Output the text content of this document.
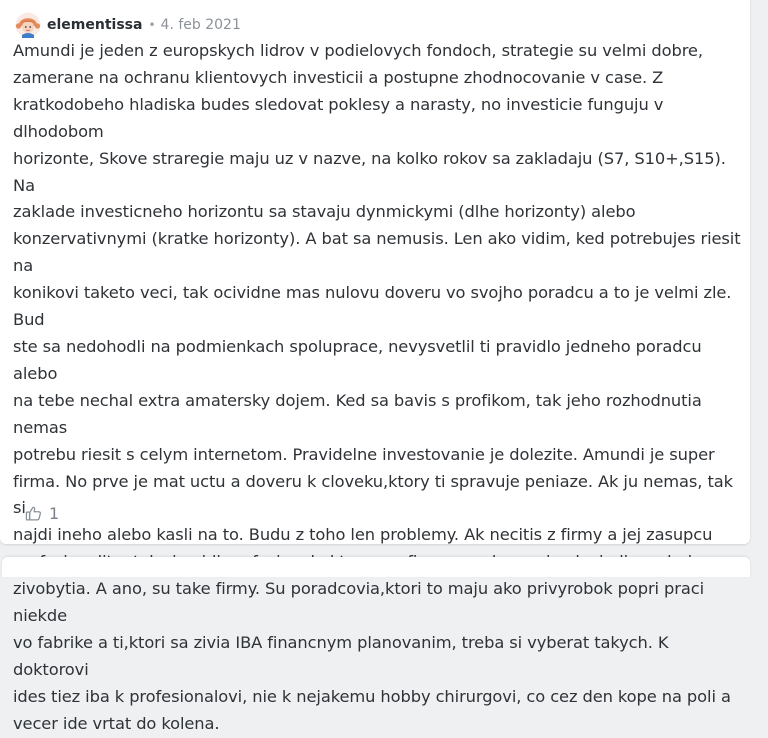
elementissa • 4. feb 2021

Amundi je jeden z europskych lidrov v podielovych fondoch, strategie su velmi dobre,
zamerane na ochranu klientovych investicii a postupne zhodnocovanie v case. Z
kratkodobeho hladiska budes sledovat poklesy a narasty, no investicie funguju v dlhodobom
horizonte, Skove straregie maju uz v nazve, na kolko rokov sa zakladaju (S7, S10+,S15). Na
zaklade investicneho horizontu sa stavaju dynmickymi (dlhe horizonty) alebo
konzervativnymi (kratke horizonty). A bat sa nemusis. Len ako vidim, ked potrebujes riesit na
konikovi taketo veci, tak ocividne mas nulovu doveru vo svojho poradcu a to je velmi zle. Bud
ste sa nedohodli na podmienkach spoluprace, nevysvetlil ti pravidlo jedneho poradcu alebo
na tebe nechal extra amatersky dojem. Ked sa bavis s profikom, tak jeho rozhodnutia nemas
potrebu riesit s celym internetom. Pravidelne investovanie je dolezite. Amundi je super
firma. No prve je mat uctu a doveru k cloveku,ktory ti spravuje peniaze. Ak ju nemas, tak si
najdi ineho alebo kasli na to. Budu z toho len problemy. Ak necitis z firmy a jej zasupcu

zivobytia. A ano, su take firmy. Su poradcovia,ktori to maju ako privyrobok popri praci niekde
vo fabrike a ti,ktori sa zivia IBA financnym planovanim, treba si vyberat takych. K doktorovi
ides tiez iba k profesionalovi, nie k nejakemu hobby chirurgovi, co cez den kope na poli a
vecer ide vrtat do kolena.

1
